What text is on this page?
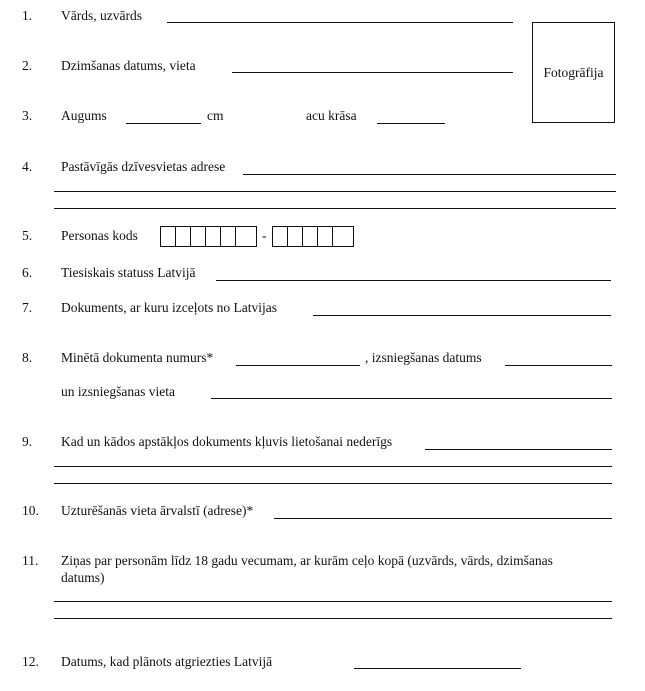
1. Vārds, uzvārds
Fotogrāfija
2. Dzimšanas datums, vieta
3. Augums	cm	acu krāsa
4. Pastāvīgās dzīvesvietas adrese
5. Personas kods	-
6. Tiesiskais statuss Latvijā
7. Dokuments, ar kuru izceļots no Latvijas
8. Minētā dokumenta numurs*	, izsniegšanas datums
un izsniegšanas vieta
9. Kad un kādos apstākļos dokuments kļuvis lietošanai nederīgs
10. Uzturēšanās vieta ārvalstī (adrese)*
11. Ziņas par personām līdz 18 gadu vecumam, ar kurām ceļo kopā (uzvārds, vārds, dzimšanas
datums)
12. Datums, kad plānots atgriezties Latvijā
